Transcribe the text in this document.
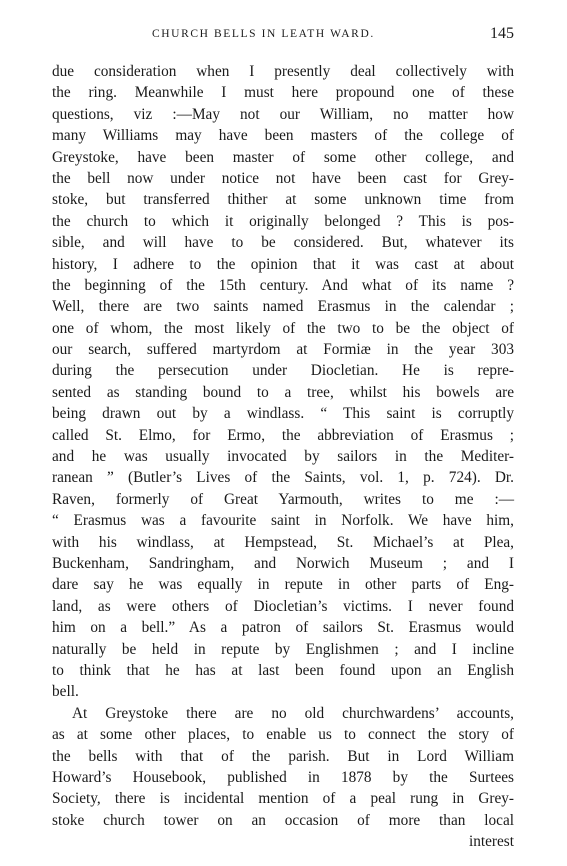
CHURCH BELLS IN LEATH WARD.	145
due consideration when I presently deal collectively with
the ring. Meanwhile I must here propound one of these
questions, viz :—May not our William, no matter how
many Williams may have been masters of the college of
Greystoke, have been master of some other college, and
the bell now under notice not have been cast for Grey-
stoke, but transferred thither at some unknown time from
the church to which it originally belonged ? This is pos-
sible, and will have to be considered. But, whatever its
history, I adhere to the opinion that it was cast at about
the beginning of the 15th century. And what of its name ?
Well, there are two saints named Erasmus in the calendar ;
one of whom, the most likely of the two to be the object of
our search, suffered martyrdom at Formiæ in the year 303
during the persecution under Diocletian. He is repre-
sented as standing bound to a tree, whilst his bowels are
being drawn out by a windlass. “ This saint is corruptly
called St. Elmo, for Ermo, the abbreviation of Erasmus ;
and he was usually invocated by sailors in the Mediter-
ranean ” (Butler’s Lives of the Saints, vol. 1, p. 724). Dr.
Raven, formerly of Great Yarmouth, writes to me :—
“ Erasmus was a favourite saint in Norfolk. We have him,
with his windlass, at Hempstead, St. Michael’s at Plea,
Buckenham, Sandringham, and Norwich Museum ; and I
dare say he was equally in repute in other parts of Eng-
land, as were others of Diocletian’s victims. I never found
him on a bell.” As a patron of sailors St. Erasmus would
naturally be held in repute by Englishmen ; and I incline
to think that he has at last been found upon an English
bell.
At Greystoke there are no old churchwardens’ accounts,
as at some other places, to enable us to connect the story of
the bells with that of the parish. But in Lord William
Howard’s Housebook, published in 1878 by the Surtees
Society, there is incidental mention of a peal rung in Grey-
stoke church tower on an occasion of more than local
interest
